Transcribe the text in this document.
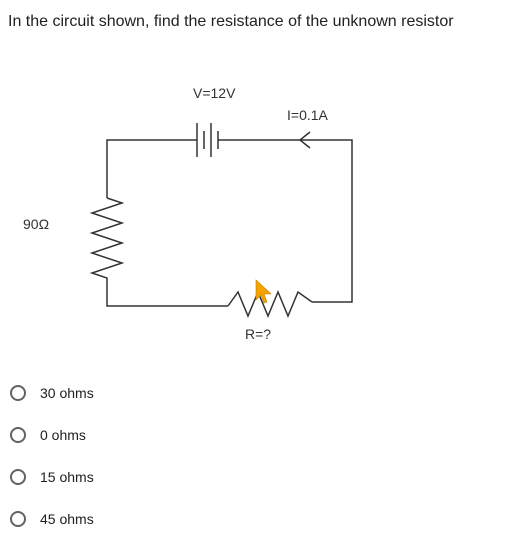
In the circuit shown, find the resistance of the unknown resistor
V=12V
I=0.1A
90Ω
R=?
30 ohms
0 ohms
15 ohms
45 ohms
